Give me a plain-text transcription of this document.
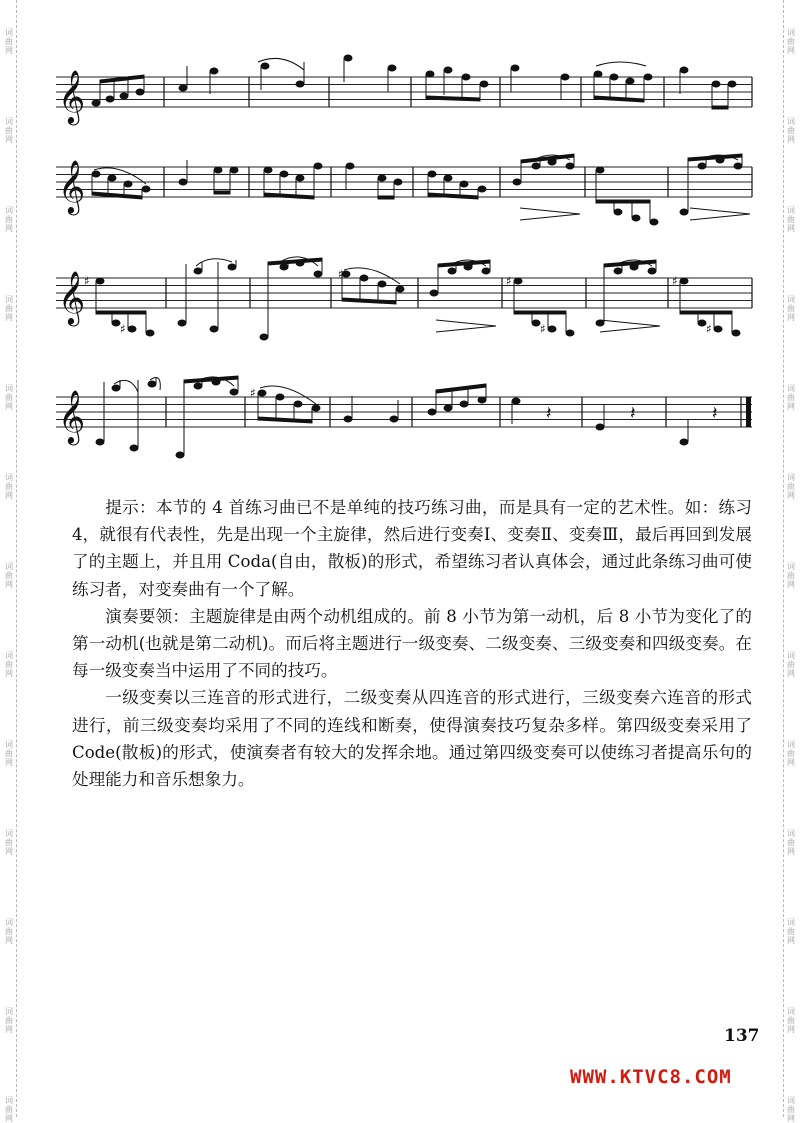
词曲网
词曲网
词曲网
词曲网
词曲网
词曲网
词曲网
词曲网
词曲网
词曲网
词曲网
词曲网
词曲网
词曲网
词曲网
词曲网
词曲网
词曲网
词曲网
词曲网
词曲网
词曲网
词曲网
词曲网
词曲网
词曲网
𝄞
𝄞
𝄞
♯
♯
♯	♯
♯
♯
♯
𝄞	𝄽	𝄽	𝄽
♯

提示：本节的 4 首练习曲已不是单纯的技巧练习曲，而是具有一定的艺术性。如：练习 4，就很有代表性，先是出现一个主旋律，然后进行变奏Ⅰ、变奏Ⅱ、变奏Ⅲ，最后再回到发展了的主题上，并且用 Coda(自由，散板)的形式，希望练习者认真体会，通过此条练习曲可使练习者，对变奏曲有一个了解。

演奏要领：主题旋律是由两个动机组成的。前 8 小节为第一动机，后 8 小节为变化了的第一动机(也就是第二动机)。而后将主题进行一级变奏、二级变奏、三级变奏和四级变奏。在每一级变奏当中运用了不同的技巧。

一级变奏以三连音的形式进行，二级变奏从四连音的形式进行，三级变奏六连音的形式进行，前三级变奏均采用了不同的连线和断奏，使得演奏技巧复杂多样。第四级变奏采用了 Code(散板)的形式，使演奏者有较大的发挥余地。通过第四级变奏可以使练习者提高乐句的处理能力和音乐想象力。

137
WWW.KTVC8.COM
